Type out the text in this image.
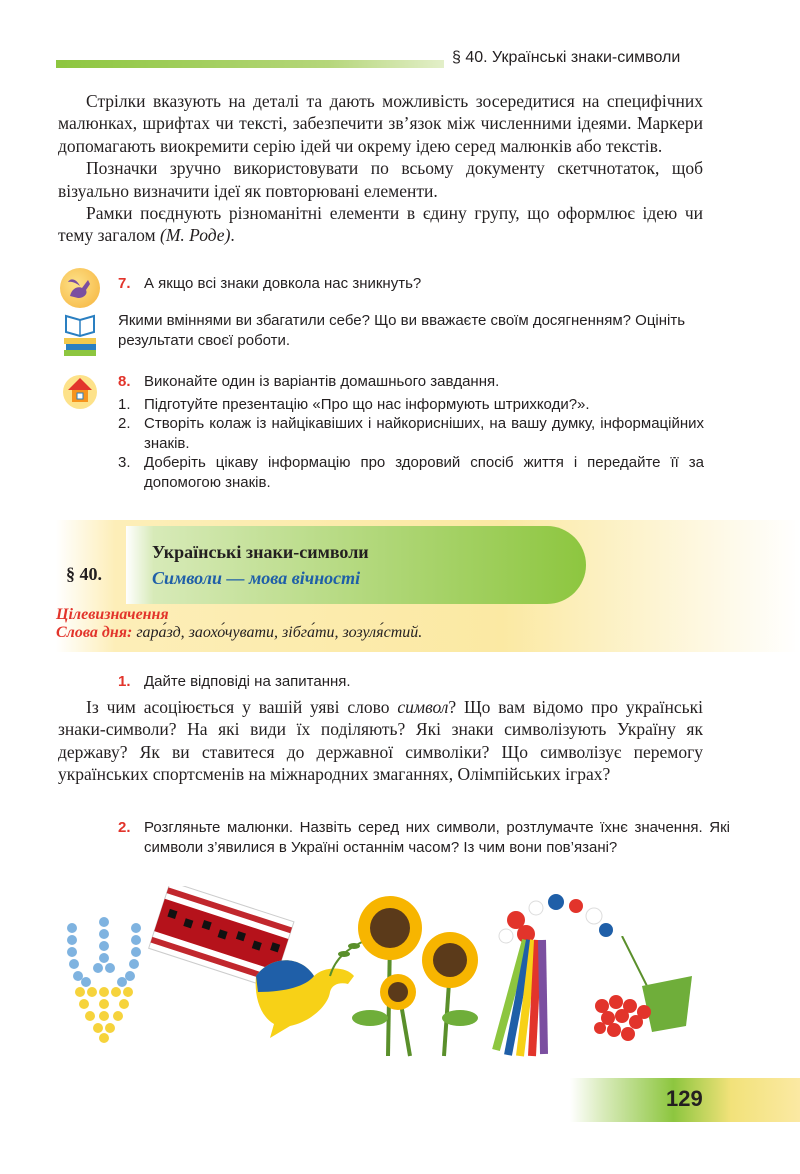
§ 40. Українські знаки-символи

Стрілки вказують на деталі та дають можливість зосередитися на специфічних малюнках, шрифтах чи тексті, забезпечити зв’язок між численними ідеями. Маркери допомагають виокремити серію ідей чи окрему ідею серед малюнків або текстів.

Позначки зручно використовувати по всьому документу скетчнотаток, щоб візуально визначити ідеї як повторювані елементи.

Рамки поєднують різноманітні елементи в єдину групу, що оформлює ідею чи тему загалом (М. Роде).

7. А якщо всі знаки довкола нас зникнуть?
Якими вміннями ви збагатили себе? Що ви вважаєте своїм досягненням? Оцініть результати своєї роботи.

8. Виконайте один із варіантів домашнього завдання.

1. Підготуйте презентацію «Про що нас інформують штрихкоди?».
2. Створіть колаж із найцікавіших і найкорисніших, на вашу думку, інформаційних знаків.
3. Доберіть цікаву інформацію про здоровий спосіб життя і передайте її за допомогою знаків.
§ 40.
Українські знаки-символи
Символи — мова вічності
Цілевизначення
Слова дня: гара́зд, заохо́чувати, зібга́ти, зозуля́стий.
1. Дайте відповіді на запитання.

Із чим асоціюється у вашій уяві слово символ? Що вам відомо про українські знаки-символи? На які види їх поділяють? Які знаки символізують Україну як державу? Як ви ставитеся до державної символіки? Що символізує перемогу українських спортсменів на міжнародних змаганнях, Олімпійських іграх?

2. Розгляньте малюнки. Назвіть серед них символи, розтлумачте їхнє значення. Які символи з’явилися в Україні останнім часом? Із чим вони пов’язані?
129
